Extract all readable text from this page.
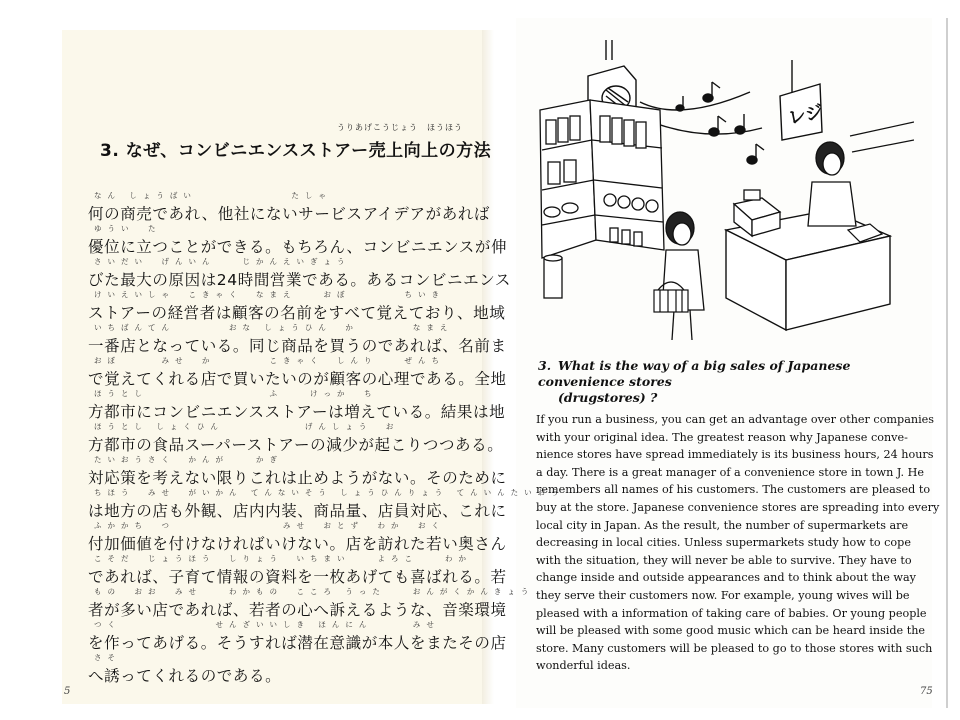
3. なぜ、コンビニエンスストアー売上向上の方法
うりあげこうじょう　ほうほう
なん しょうばい　　　　　　　たしゃ
何の商売であれ、他社にないサービスアイデアがあれば
ゆうい　た
優位に立つことができる。もちろん、コンビニエンスが伸
さいだい　げんいん　　じかんえいぎょう
びた最大の原因は24時間営業である。あるコンビニエンス
けいえいしゃ　こきゃく　なまえ　　おぼ　　　　ちいき
ストアーの経営者は顧客の名前をすべて覚えており、地域
いちばんてん　　　　おな しょうひん　か　　　　なまえ
一番店となっている。同じ商品を買うのであれば、名前ま
おぼ　　　みせ　か　　　　こきゃく　しんり　　ぜんち
で覚えてくれる店で買いたいのが顧客の心理である。全地
ほうとし　　　　　　　　　ふ　　けっか　ち
方都市にコンビニエンスストアーは増えている。結果は地
ほうとし しょくひん　　　　　　げんしょう　お
方都市の食品スーパーストアーの減少が起こりつつある。
たいおうさく　かんが　　かぎ
対応策を考えない限りこれは止めようがない。そのために
ちほう　みせ　がいかん てんないそう しょうひんりょう てんいんたいおう
は地方の店も外観、店内内装、商品量、店員対応、これに
ふかかち　つ　　　　　　　　みせ　おとず　わか　おく
付加価値を付けなければいけない。店を訪れた若い奥さん
こそだ　じょうほう　しりょう　いちまい　　よろこ　　わか
であれば、子育て情報の資料を一枚あげても喜ばれる。若
もの　おお　みせ　　わかもの　こころ うった　　おんがくかんきょう
者が多い店であれば、若者の心へ訴えるような、音楽環境
つく　　　　　　　せんざいいしき ほんにん　　　みせ
を作ってあげる。そうすれば潜在意識が本人をまたその店
さそ
へ誘ってくれるのである。
5
レジ
3. What is the way of a big sales of Japanese convenience stores
(drugstores) ?
If you run a business, you can get an advantage over other companies
with your original idea. The greatest reason why Japanese conve-
nience stores have spread immediately is its business hours, 24 hours
a day. There is a great manager of a convenience store in town J. He
remembers all names of his customers. The customers are pleased to
buy at the store. Japanese convenience stores are spreading into every
local city in Japan. As the result, the number of supermarkets are
decreasing in local cities. Unless supermarkets study how to cope
with the situation, they will never be able to survive. They have to
change inside and outside appearances and to think about the way
they serve their customers now. For example, young wives will be
pleased with a information of taking care of babies. Or young people
will be pleased with some good music which can be heard inside the
store. Many customers will be pleased to go to those stores with such
wonderful ideas.
75
